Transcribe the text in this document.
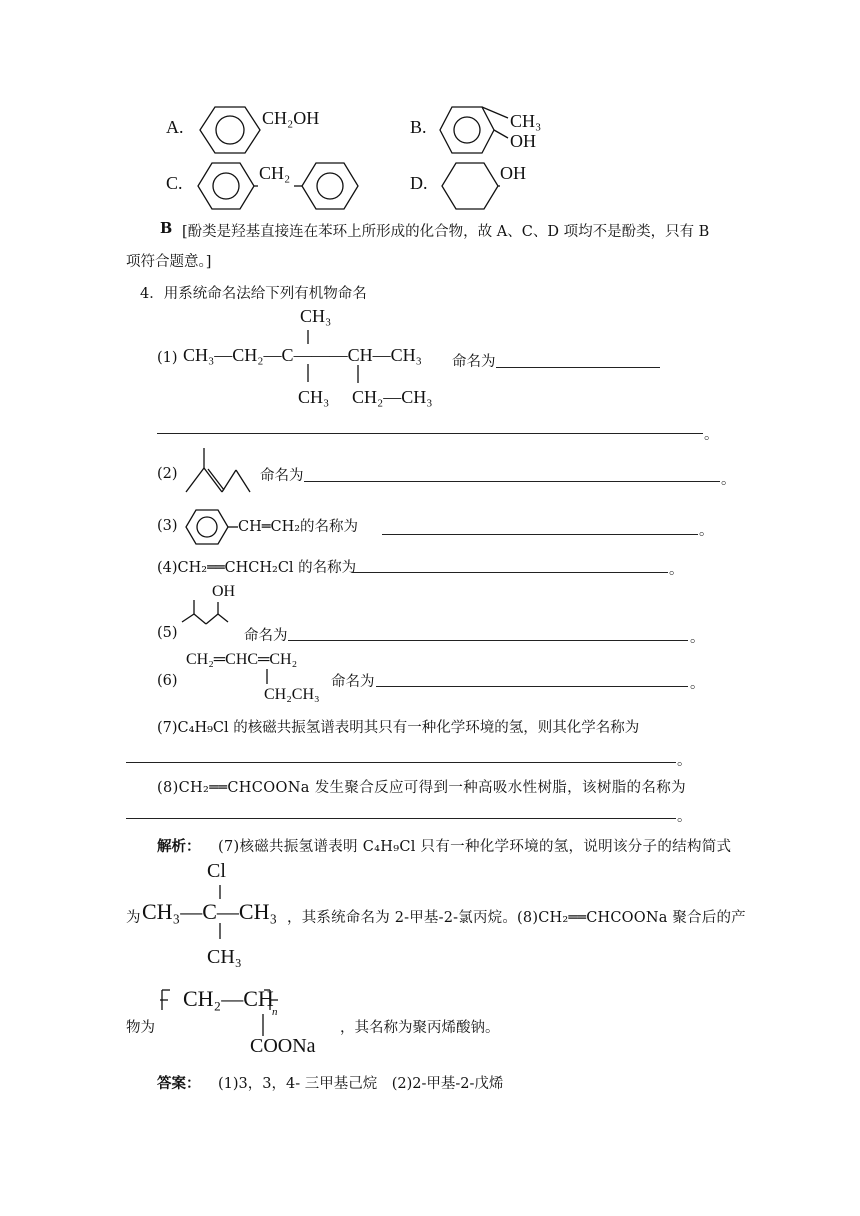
A.	CH₂OH	B.	CH₃
OH
C.	CH₂	D.	OH
B [酚类是羟基直接连在苯环上所形成的化合物，故 A、C、D 项均不是酚类，只有 B
项符合题意。]
4．用系统命名法给下列有机物命名
(1)
CH₃
CH₃—CH₂—C———CH—CH₃
CH₃ CH₂—CH₃
命名为
。
(2)	命名为	。
(3)	CH═CH₂的名称为	。
(4)CH₂══CHCH₂Cl 的名称为	。
OH
(5)	命名为	。
CH₂═CHC═CH₂
CH₂CH₃
(6)	命名为	。
(7)C₄H₉Cl 的核磁共振氢谱表明其只有一种化学环境的氢，则其化学名称为
。
(8)CH₂══CHCOONa 发生聚合反应可得到一种高吸水性树脂，该树脂的名称为
。
解析： (7)核磁共振氢谱表明 C₄H₉Cl 只有一种化学环境的氢，说明该分子的结构简式
Cl
为 CH₃—C—CH₃
CH₃
，其系统命名为 2-甲基-2-氯丙烷。(8)CH₂══CHCOONa 聚合后的产
CH₂—CH
n
物为
COONa
，其名称为聚丙烯酸钠。
答案： (1)3，3，4- 三甲基己烷　(2)2-甲基-2-戊烯
